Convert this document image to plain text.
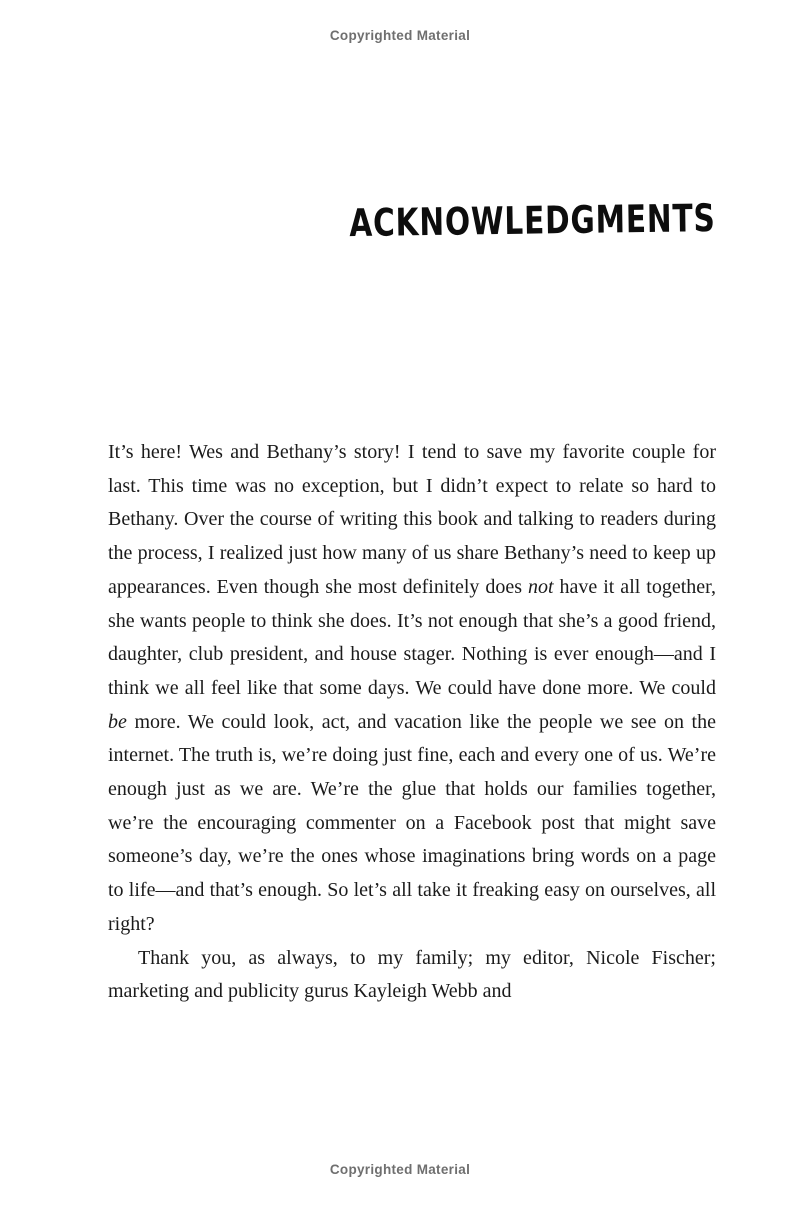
Copyrighted Material
ACKNOWLEDGMENTS

It’s here! Wes and Bethany’s story! I tend to save my favorite couple for last. This time was no exception, but I didn’t expect to relate so hard to Bethany. Over the course of writing this book and talking to readers during the process, I realized just how many of us share Bethany’s need to keep up appearances. Even though she most definitely does not have it all together, she wants people to think she does. It’s not enough that she’s a good friend, daughter, club president, and house stager. Nothing is ever enough—and I think we all feel like that some days. We could have done more. We could be more. We could look, act, and vacation like the people we see on the internet. The truth is, we’re doing just fine, each and every one of us. We’re enough just as we are. We’re the glue that holds our families together, we’re the encouraging commenter on a Facebook post that might save someone’s day, we’re the ones whose imaginations bring words on a page to life—and that’s enough. So let’s all take it freaking easy on ourselves, all right?

Thank you, as always, to my family; my editor, Nicole Fischer; marketing and publicity gurus Kayleigh Webb and

Copyrighted Material
